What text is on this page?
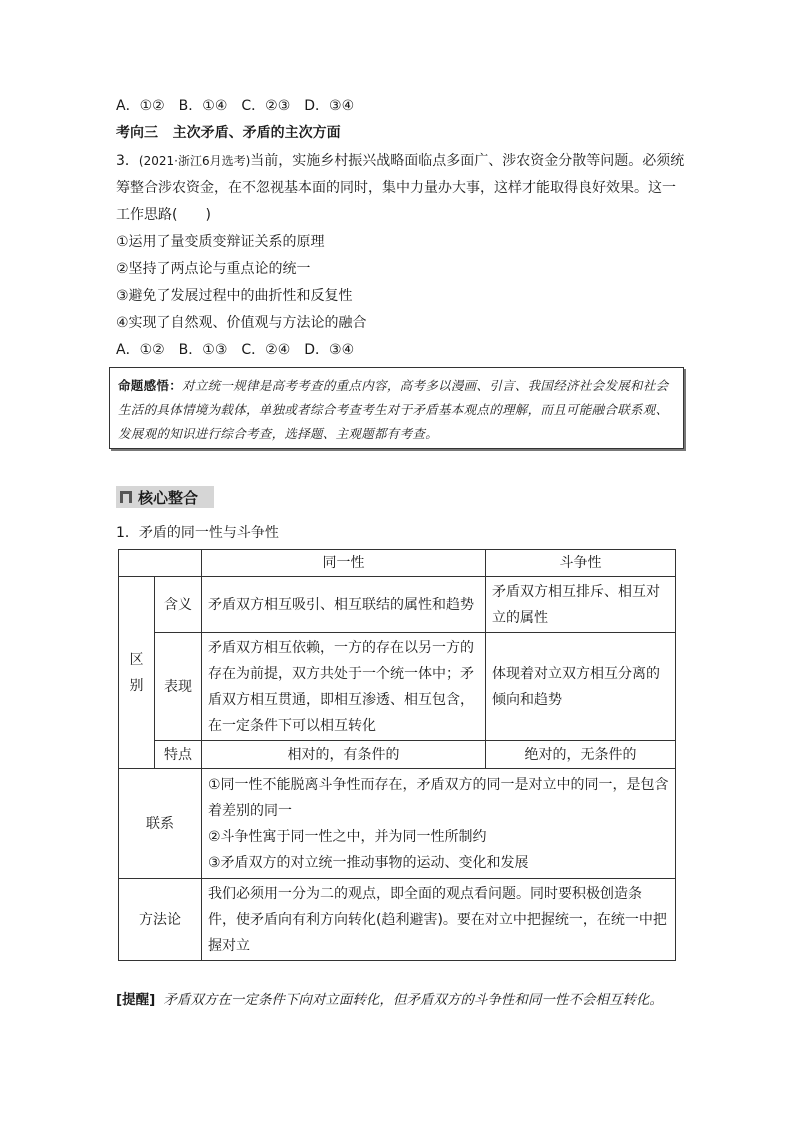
A．①②　B．①④　C．②③　D．③④
考向三 主次矛盾、矛盾的主次方面
3．(2021·浙江6月选考)当前，实施乡村振兴战略面临点多面广、涉农资金分散等问题。必须统筹整合涉农资金，在不忽视基本面的同时，集中力量办大事，这样才能取得良好效果。这一工作思路(　　)
①运用了量变质变辩证关系的原理
②坚持了两点论与重点论的统一
③避免了发展过程中的曲折性和反复性
④实现了自然观、价值观与方法论的融合
A．①②　B．①③　C．②④　D．③④
命题感悟：对立统一规律是高考考查的重点内容，高考多以漫画、引言、我国经济社会发展和社会生活的具体情境为载体，单独或者综合考查考生对于矛盾基本观点的理解，而且可能融合联系观、发展观的知识进行综合考查，选择题、主观题都有考查。
核心整合
1．矛盾的同一性与斗争性
		同一性	斗争性

区别	含义	矛盾双方相互吸引、相互联结的属性和趋势	矛盾双方相互排斥、相互对立的属性
	表现	矛盾双方相互依赖，一方的存在以另一方的存在为前提，双方共处于一个统一体中；矛盾双方相互贯通，即相互渗透、相互包含，在一定条件下可以相互转化	体现着对立双方相互分离的倾向和趋势
	特点	相对的，有条件的	绝对的，无条件的
联系		①同一性不能脱离斗争性而存在，矛盾双方的同一是对立中的同一，是包含着差别的同一
②斗争性寓于同一性之中，并为同一性所制约
③矛盾双方的对立统一推动事物的运动、变化和发展	

方法论		我们必须用一分为二的观点，即全面的观点看问题。同时要积极创造条件，使矛盾向有利方向转化(趋利避害)。要在对立中把握统一，在统一中把握对立	
[提醒] 矛盾双方在一定条件下向对立面转化，但矛盾双方的斗争性和同一性不会相互转化。
